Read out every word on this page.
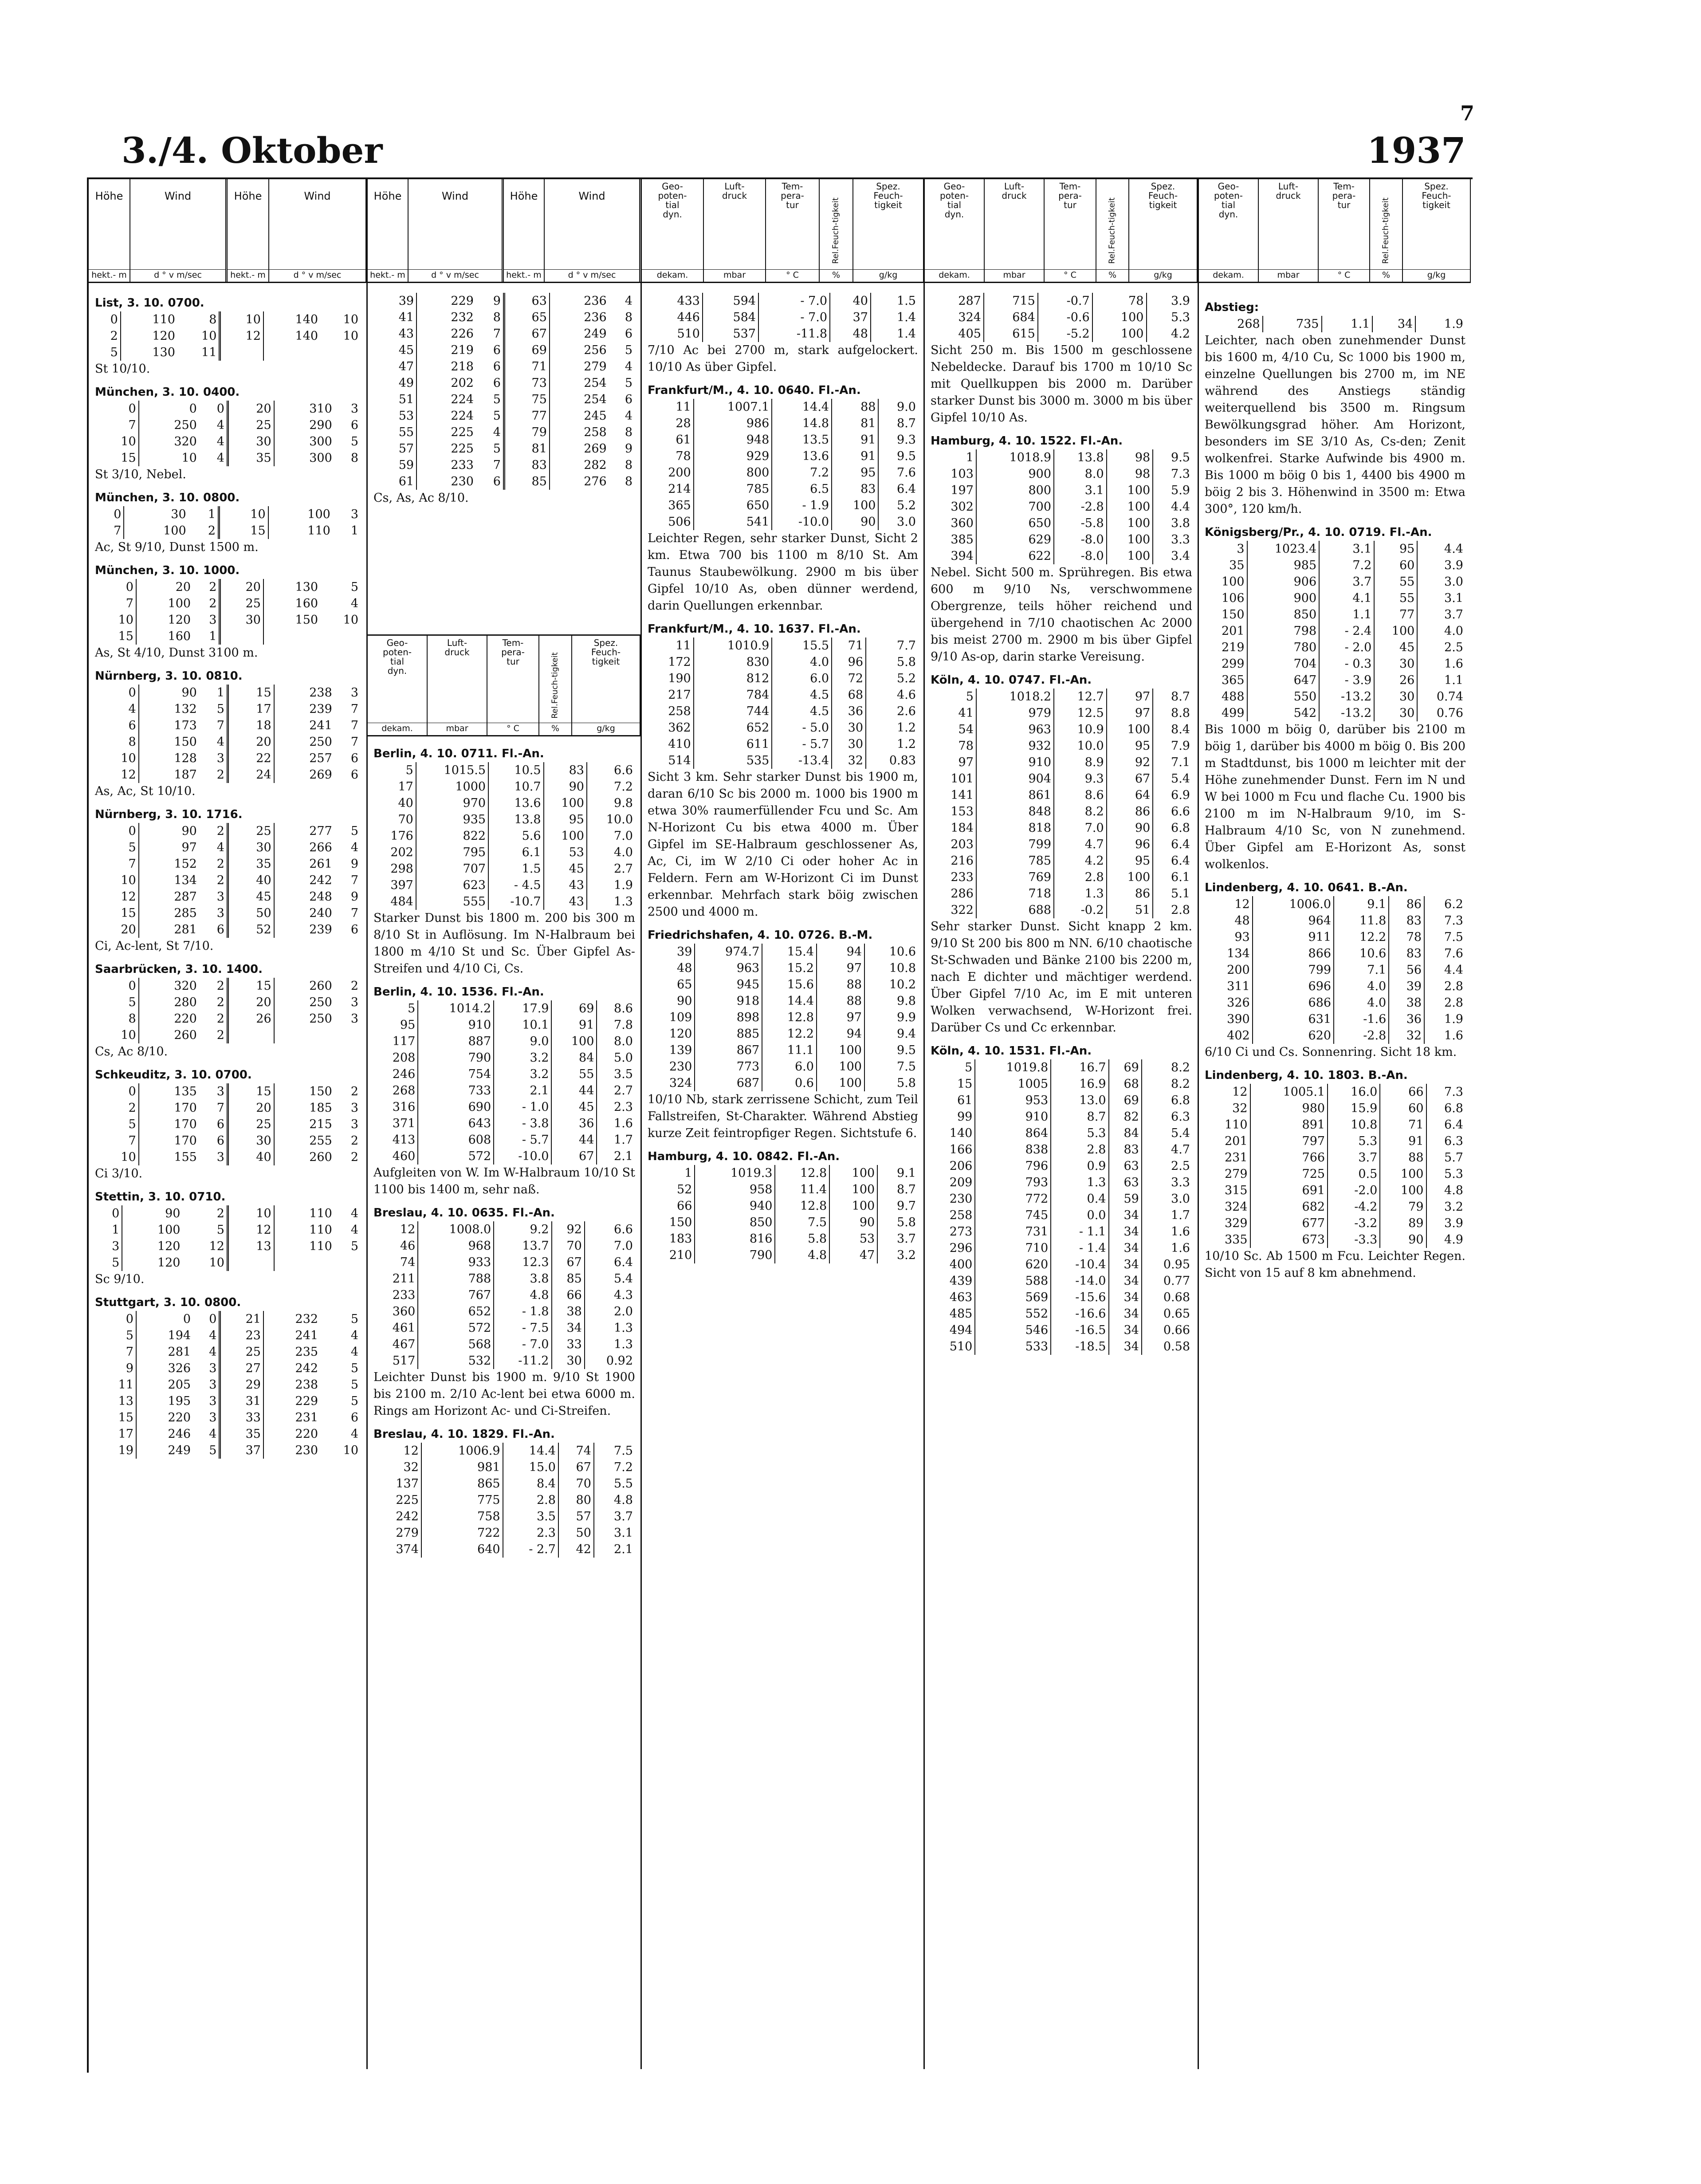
7
3./4. Oktober	1937
Höhe
hekt.- m
Wind
d ° v m/sec
Höhe
hekt.- m
Wind
d ° v m/sec
Höhe
hekt.- m
Wind
d ° v m/sec
Höhe
hekt.- m
Wind
d ° v m/sec
Geo-
poten-
tial
dyn.
dekam.
Luft-
druck
mbar
Tem-
pera-
tur
° C
Rel.Feuch-tigkeit
%
Spez.
Feuch-
tigkeit
g/kg
Geo-
poten-
tial
dyn.
dekam.
Luft-
druck
mbar
Tem-
pera-
tur
° C
Rel.Feuch-tigkeit
%
Spez.
Feuch-
tigkeit
g/kg
Geo-
poten-
tial
dyn.
dekam.
Luft-
druck
mbar
Tem-
pera-
tur
° C
Rel.Feuch-tigkeit
%
Spez.
Feuch-
tigkeit
g/kg
Geo-
poten-
tial
dyn.
dekam.
Luft-
druck
mbar
Tem-
pera-
tur
° C
Rel.Feuch-tigkeit
%
Spez.
Feuch-
tigkeit
g/kg
List, 3. 10. 0700.
0	110	8	10	140	10
2	120	10	12	140	10
5	130	11			
St 10/10.
München, 3. 10. 0400.
0	0	0	20	310	3
7	250	4	25	290	6
10	320	4	30	300	5
15	10	4	35	300	8
St 3/10, Nebel.
München, 3. 10. 0800.
0	30	1	10	100	3
7	100	2	15	110	1
Ac, St 9/10, Dunst 1500 m.
München, 3. 10. 1000.
0	20	2	20	130	5
7	100	2	25	160	4
10	120	3	30	150	10
15	160	1			
As, St 4/10, Dunst 3100 m.
Nürnberg, 3. 10. 0810.
0	90	1	15	238	3
4	132	5	17	239	7
6	173	7	18	241	7
8	150	4	20	250	7
10	128	3	22	257	6
12	187	2	24	269	6
As, Ac, St 10/10.
Nürnberg, 3. 10. 1716.
0	90	2	25	277	5
5	97	4	30	266	4
7	152	2	35	261	9
10	134	2	40	242	7
12	287	3	45	248	9
15	285	3	50	240	7
20	281	6	52	239	6
Ci, Ac-lent, St 7/10.
Saarbrücken, 3. 10. 1400.
0	320	2	15	260	2
5	280	2	20	250	3
8	220	2	26	250	3
10	260	2			
Cs, Ac 8/10.
Schkeuditz, 3. 10. 0700.
0	135	3	15	150	2
2	170	7	20	185	3
5	170	6	25	215	3
7	170	6	30	255	2
10	155	3	40	260	2
Ci 3/10.
Stettin, 3. 10. 0710.
0	90	2	10	110	4
1	100	5	12	110	4
3	120	12	13	110	5
5	120	10			
Sc 9/10.
Stuttgart, 3. 10. 0800.
0	0	0	21	232	5
5	194	4	23	241	4
7	281	4	25	235	4
9	326	3	27	242	5
11	205	3	29	238	5
13	195	3	31	229	5
15	220	3	33	231	6
17	246	4	35	220	4
19	249	5	37	230	10
39	229	9	63	236	4
41	232	8	65	236	8
43	226	7	67	249	6
45	219	6	69	256	5
47	218	6	71	279	4
49	202	6	73	254	5
51	224	5	75	254	6
53	224	5	77	245	4
55	225	4	79	258	8
57	225	5	81	269	9
59	233	7	83	282	8
61	230	6	85	276	8
Cs, As, Ac 8/10.
Berlin, 4. 10. 0711. Fl.-An.
5	1015.5	10.5	83	6.6
17	1000	10.7	90	7.2
40	970	13.6	100	9.8
70	935	13.8	95	10.0
176	822	5.6	100	7.0
202	795	6.1	53	4.0
298	707	1.5	45	2.7
397	623	- 4.5	43	1.9
484	555	-10.7	43	1.3
Starker Dunst bis 1800 m. 200 bis 300 m 8/10 St in Auflösung. Im N-Halbraum bei 1800 m 4/10 St und Sc. Über Gipfel As-Streifen und 4/10 Ci, Cs.
Berlin, 4. 10. 1536. Fl.-An.
5	1014.2	17.9	69	8.6
95	910	10.1	91	7.8
117	887	9.0	100	8.0
208	790	3.2	84	5.0
246	754	3.2	55	3.5
268	733	2.1	44	2.7
316	690	- 1.0	45	2.3
371	643	- 3.8	36	1.6
413	608	- 5.7	44	1.7
460	572	-10.0	67	2.1
Aufgleiten von W. Im W-Halbraum 10/10 St 1100 bis 1400 m, sehr naß.
Breslau, 4. 10. 0635. Fl.-An.
12	1008.0	9.2	92	6.6
46	968	13.7	70	7.0
74	933	12.3	67	6.4
211	788	3.8	85	5.4
233	767	4.8	66	4.3
360	652	- 1.8	38	2.0
461	572	- 7.5	34	1.3
467	568	- 7.0	33	1.3
517	532	-11.2	30	0.92
Leichter Dunst bis 1900 m. 9/10 St 1900 bis 2100 m. 2/10 Ac-lent bei etwa 6000 m. Rings am Horizont Ac- und Ci-Streifen.
Breslau, 4. 10. 1829. Fl.-An.
12	1006.9	14.4	74	7.5
32	981	15.0	67	7.2
137	865	8.4	70	5.5
225	775	2.8	80	4.8
242	758	3.5	57	3.7
279	722	2.3	50	3.1
374	640	- 2.7	42	2.1
433	594	- 7.0	40	1.5
446	584	- 7.0	37	1.4
510	537	-11.8	48	1.4
7/10 Ac bei 2700 m, stark aufgelockert. 10/10 As über Gipfel.
Frankfurt/M., 4. 10. 0640. Fl.-An.
11	1007.1	14.4	88	9.0
28	986	14.8	81	8.7
61	948	13.5	91	9.3
78	929	13.6	91	9.5
200	800	7.2	95	7.6
214	785	6.5	83	6.4
365	650	- 1.9	100	5.2
506	541	-10.0	90	3.0
Leichter Regen, sehr starker Dunst, Sicht 2 km. Etwa 700 bis 1100 m 8/10 St. Am Taunus Staubewölkung. 2900 m bis über Gipfel 10/10 As, oben dünner werdend, darin Quellungen erkennbar.
Frankfurt/M., 4. 10. 1637. Fl.-An.
11	1010.9	15.5	71	7.7
172	830	4.0	96	5.8
190	812	6.0	72	5.2
217	784	4.5	68	4.6
258	744	4.5	36	2.6
362	652	- 5.0	30	1.2
410	611	- 5.7	30	1.2
514	535	-13.4	32	0.83
Sicht 3 km. Sehr starker Dunst bis 1900 m, daran 6/10 Sc bis 2000 m. 1000 bis 1900 m etwa 30% raumerfüllender Fcu und Sc. Am N-Horizont Cu bis etwa 4000 m. Über Gipfel im SE-Halbraum geschlossener As, Ac, Ci, im W 2/10 Ci oder hoher Ac in Feldern. Fern am W-Horizont Ci im Dunst erkennbar. Mehrfach stark böig zwischen 2500 und 4000 m.
Friedrichshafen, 4. 10. 0726. B.-M.
39	974.7	15.4	94	10.6
48	963	15.2	97	10.8
65	945	15.6	88	10.2
90	918	14.4	88	9.8
109	898	12.8	97	9.9
120	885	12.2	94	9.4
139	867	11.1	100	9.5
230	773	6.0	100	7.5
324	687	0.6	100	5.8
10/10 Nb, stark zerrissene Schicht, zum Teil Fallstreifen, St-Charakter. Während Abstieg kurze Zeit feintropfiger Regen. Sichtstufe 6.
Hamburg, 4. 10. 0842. Fl.-An.
1	1019.3	12.8	100	9.1
52	958	11.4	100	8.7
66	940	12.8	100	9.7
150	850	7.5	90	5.8
183	816	5.8	53	3.7
210	790	4.8	47	3.2
287	715	-0.7	78	3.9
324	684	-0.6	100	5.3
405	615	-5.2	100	4.2
Sicht 250 m. Bis 1500 m geschlossene Nebeldecke. Darauf bis 1700 m 10/10 Sc mit Quellkuppen bis 2000 m. Darüber starker Dunst bis 3000 m. 3000 m bis über Gipfel 10/10 As.
Hamburg, 4. 10. 1522. Fl.-An.
1	1018.9	13.8	98	9.5
103	900	8.0	98	7.3
197	800	3.1	100	5.9
302	700	-2.8	100	4.4
360	650	-5.8	100	3.8
385	629	-8.0	100	3.3
394	622	-8.0	100	3.4
Nebel. Sicht 500 m. Sprühregen. Bis etwa 600 m 9/10 Ns, verschwommene Obergrenze, teils höher reichend und übergehend in 7/10 chaotischen Ac 2000 bis meist 2700 m. 2900 m bis über Gipfel 9/10 As-op, darin starke Vereisung.
Köln, 4. 10. 0747. Fl.-An.
5	1018.2	12.7	97	8.7
41	979	12.5	97	8.8
54	963	10.9	100	8.4
78	932	10.0	95	7.9
97	910	8.9	92	7.1
101	904	9.3	67	5.4
141	861	8.6	64	6.9
153	848	8.2	86	6.6
184	818	7.0	90	6.8
203	799	4.7	96	6.4
216	785	4.2	95	6.4
233	769	2.8	100	6.1
286	718	1.3	86	5.1
322	688	-0.2	51	2.8
Sehr starker Dunst. Sicht knapp 2 km. 9/10 St 200 bis 800 m NN. 6/10 chaotische St-Schwaden und Bänke 2100 bis 2200 m, nach E dichter und mächtiger werdend. Über Gipfel 7/10 Ac, im E mit unteren Wolken verwachsend, W-Horizont frei. Darüber Cs und Cc erkennbar.
Köln, 4. 10. 1531. Fl.-An.
5	1019.8	16.7	69	8.2
15	1005	16.9	68	8.2
61	953	13.0	69	6.8
99	910	8.7	82	6.3
140	864	5.3	84	5.4
166	838	2.8	83	4.7
206	796	0.9	63	2.5
209	793	1.3	63	3.3
230	772	0.4	59	3.0
258	745	0.0	34	1.7
273	731	- 1.1	34	1.6
296	710	- 1.4	34	1.6
400	620	-10.4	34	0.95
439	588	-14.0	34	0.77
463	569	-15.6	34	0.68
485	552	-16.6	34	0.65
494	546	-16.5	34	0.66
510	533	-18.5	34	0.58
Abstieg:
268	735	1.1	34	1.9
Leichter, nach oben zunehmender Dunst bis 1600 m, 4/10 Cu, Sc 1000 bis 1900 m, einzelne Quellungen bis 2700 m, im NE während des Anstiegs ständig weiterquellend bis 3500 m. Ringsum Bewölkungsgrad höher. Am Horizont, besonders im SE 3/10 As, Cs-den; Zenit wolkenfrei. Starke Aufwinde bis 4900 m. Bis 1000 m böig 0 bis 1, 4400 bis 4900 m böig 2 bis 3. Höhenwind in 3500 m: Etwa 300°, 120 km/h.
Königsberg/Pr., 4. 10. 0719. Fl.-An.
3	1023.4	3.1	95	4.4
35	985	7.2	60	3.9
100	906	3.7	55	3.0
106	900	4.1	55	3.1
150	850	1.1	77	3.7
201	798	- 2.4	100	4.0
219	780	- 2.0	45	2.5
299	704	- 0.3	30	1.6
365	647	- 3.9	26	1.1
488	550	-13.2	30	0.74
499	542	-13.2	30	0.76
Bis 1000 m böig 0, darüber bis 2100 m böig 1, darüber bis 4000 m böig 0. Bis 200 m Stadtdunst, bis 1000 m leichter mit der Höhe zunehmender Dunst. Fern im N und W bei 1000 m Fcu und flache Cu. 1900 bis 2100 m im N-Halbraum 9/10, im S-Halbraum 4/10 Sc, von N zunehmend. Über Gipfel am E-Horizont As, sonst wolkenlos.
Lindenberg, 4. 10. 0641. B.-An.
12	1006.0	9.1	86	6.2
48	964	11.8	83	7.3
93	911	12.2	78	7.5
134	866	10.6	83	7.6
200	799	7.1	56	4.4
311	696	4.0	39	2.8
326	686	4.0	38	2.8
390	631	-1.6	36	1.9
402	620	-2.8	32	1.6
6/10 Ci und Cs. Sonnenring. Sicht 18 km.
Lindenberg, 4. 10. 1803. B.-An.
12	1005.1	16.0	66	7.3
32	980	15.9	60	6.8
110	891	10.8	71	6.4
201	797	5.3	91	6.3
231	766	3.7	88	5.7
279	725	0.5	100	5.3
315	691	-2.0	100	4.8
324	682	-4.2	79	3.2
329	677	-3.2	89	3.9
335	673	-3.3	90	4.9
10/10 Sc. Ab 1500 m Fcu. Leichter Regen. Sicht von 15 auf 8 km abnehmend.
